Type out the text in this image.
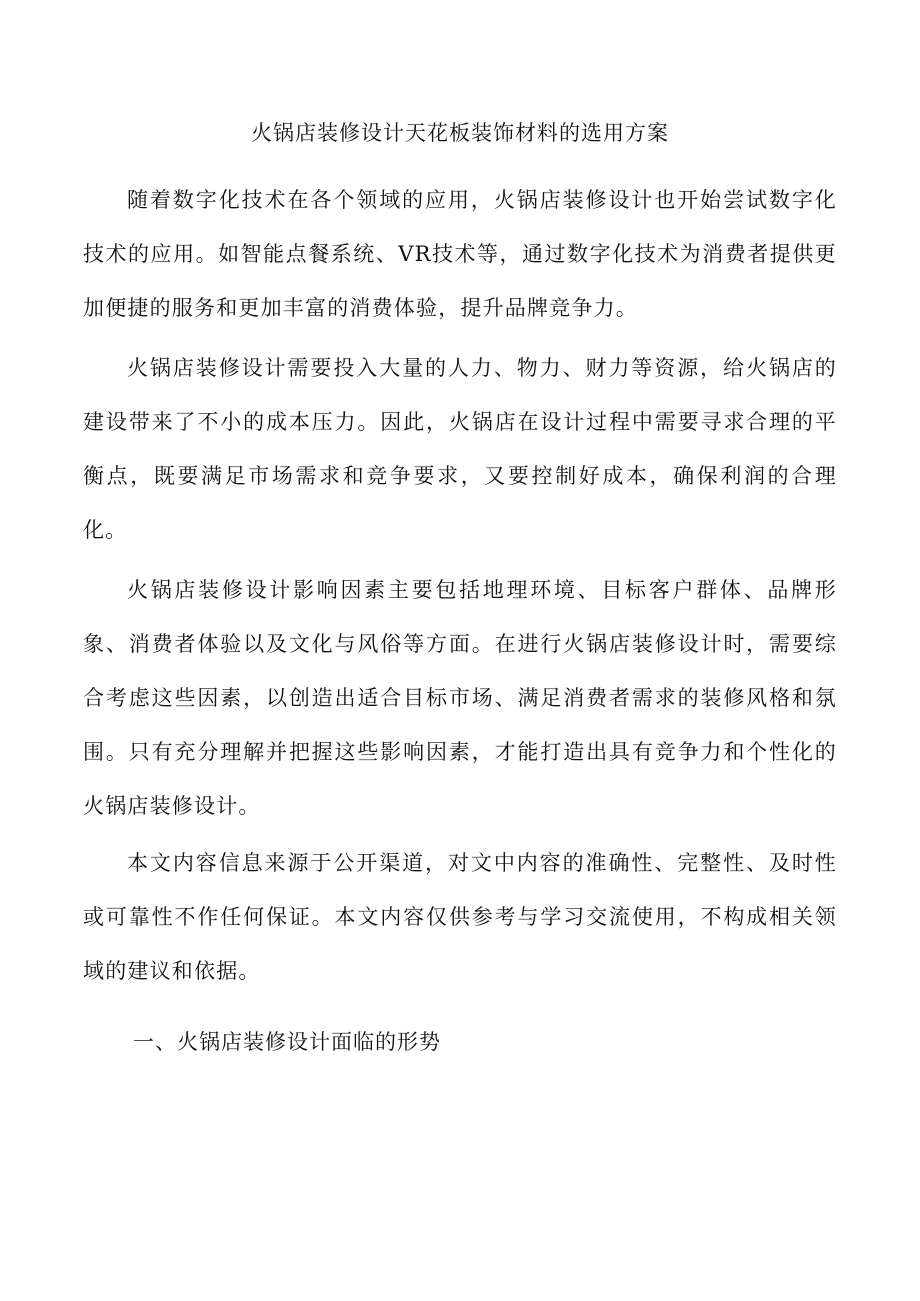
火锅店装修设计天花板装饰材料的选用方案

随着数字化技术在各个领域的应用，火锅店装修设计也开始尝试数字化技术的应用。如智能点餐系统、VR技术等，通过数字化技术为消费者提供更加便捷的服务和更加丰富的消费体验，提升品牌竞争力。

火锅店装修设计需要投入大量的人力、物力、财力等资源，给火锅店的建设带来了不小的成本压力。因此，火锅店在设计过程中需要寻求合理的平衡点，既要满足市场需求和竞争要求，又要控制好成本，确保利润的合理化。

火锅店装修设计影响因素主要包括地理环境、目标客户群体、品牌形象、消费者体验以及文化与风俗等方面。在进行火锅店装修设计时，需要综合考虑这些因素，以创造出适合目标市场、满足消费者需求的装修风格和氛围。只有充分理解并把握这些影响因素，才能打造出具有竞争力和个性化的火锅店装修设计。

本文内容信息来源于公开渠道，对文中内容的准确性、完整性、及时性或可靠性不作任何保证。本文内容仅供参考与学习交流使用，不构成相关领域的建议和依据。

一、火锅店装修设计面临的形势
